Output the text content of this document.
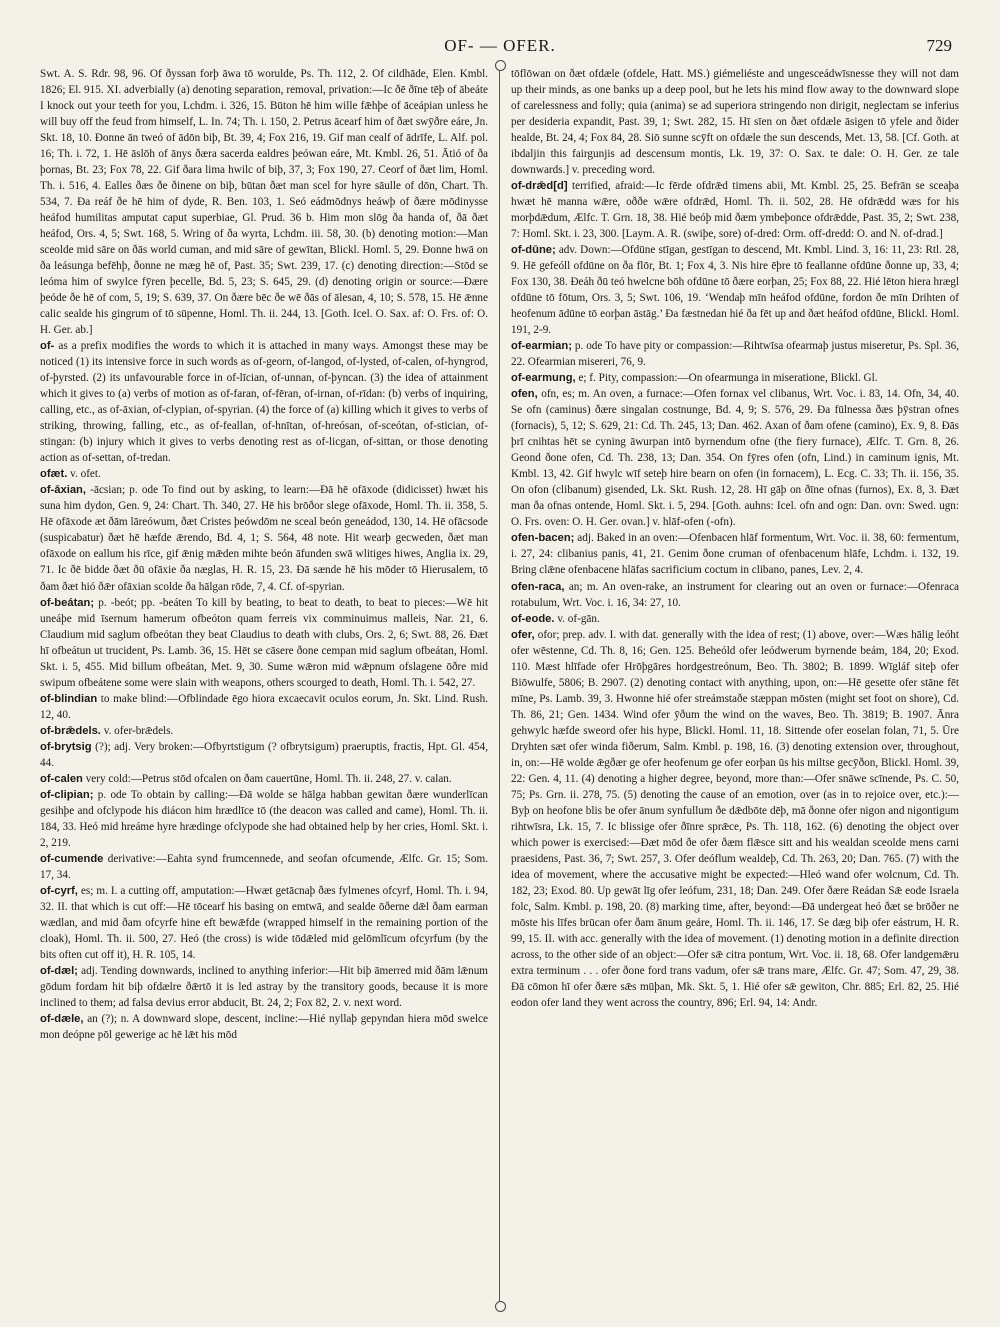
OF- — OFER.	729

Swt. A. S. Rdr. 98, 96. Of ðyssan forþ āwa tō worulde, Ps. Th. 112, 2. Of cildhāde, Elen. Kmbl. 1826; El. 915. XI. adverbially (a) denoting separation, removal, privation:—Ic ðē ðīne tēþ of ābeáte I knock out your teeth for you, Lchdm. i. 326, 15. Būton hē him wille fǣhþe of āceápian unless he will buy off the feud from himself, L. In. 74; Th. i. 150, 2. Petrus ācearf him of ðæt swȳðre eáre, Jn. Skt. 18, 10. Ðonne ān tweó of ādōn biþ, Bt. 39, 4; Fox 216, 19. Gif man cealf of ādrīfe, L. Alf. pol. 16; Th. i. 72, 1. Hē āslōh of ānys ðæra sacerda ealdres þeówan eáre, Mt. Kmbl. 26, 51. Ātió of ða þornas, Bt. 23; Fox 78, 22. Gif ðara lima hwilc of biþ, 37, 3; Fox 190, 27. Ceorf of ðæt lim, Homl. Th. i. 516, 4. Ealles ðæs ðe ðinene on biþ, būtan ðæt man scel for hyre sāulle of dōn, Chart. Th. 534, 7. Ða reáf ðe hē him of dyde, R. Ben. 103, 1. Seó eádmōdnys heáwþ of ðære mōdinysse heáfod humilitas amputat caput superbiae, Gl. Prud. 36 b. Him mon slōg ða handa of, ðā ðæt heáfod, Ors. 4, 5; Swt. 168, 5. Wring of ða wyrta, Lchdm. iii. 58, 30. (b) denoting motion:—Man sceolde mid sāre on ðās world cuman, and mid sāre of gewītan, Blickl. Homl. 5, 29. Ðonne hwā on ða leásunga befēhþ, ðonne ne mæg hē of, Past. 35; Swt. 239, 17. (c) denoting direction:—Stōd se leóma him of swylce fȳren þecelle, Bd. 5, 23; S. 645, 29. (d) denoting origin or source:—Ðære þeóde ðe hē of com, 5, 19; S. 639, 37. On ðære bēc ðe wē ðās of ālesan, 4, 10; S. 578, 15. Hē ǣnne calic sealde his gingrum of tō sūpenne, Homl. Th. ii. 244, 13. [Goth. Icel. O. Sax. af: O. Frs. of: O. H. Ger. ab.]

of- as a prefix modifies the words to which it is attached in many ways. Amongst these may be noticed (1) its intensive force in such words as of-georn, of-langod, of-lysted, of-calen, of-hyngrod, of-þyrsted. (2) its unfavourable force in of-līcian, of-unnan, of-þyncan. (3) the idea of attainment which it gives to (a) verbs of motion as of-faran, of-fēran, of-irnan, of-rīdan: (b) verbs of inquiring, calling, etc., as of-āxian, of-clypian, of-spyrian. (4) the force of (a) killing which it gives to verbs of striking, throwing, falling, etc., as of-feallan, of-hnītan, of-hreósan, of-sceótan, of-stician, of-stingan: (b) injury which it gives to verbs denoting rest as of-licgan, of-sittan, or those denoting action as of-settan, of-tredan.

ofæt. v. ofet.

of-āxian, -ācsian; p. ode To find out by asking, to learn:—Ðā hē ofāxode (didicisset) hwæt his suna him dydon, Gen. 9, 24: Chart. Th. 340, 27. Hē his brōðor slege ofāxode, Homl. Th. ii. 358, 5. Hē ofāxode æt ðām lāreówum, ðæt Cristes þeówdōm ne sceal beón geneádod, 130, 14. Hē ofācsode (suspicabatur) ðæt hē hæfde ǣrendo, Bd. 4, 1; S. 564, 48 note. Hit wearþ gecweden, ðæt man ofāxode on eallum his rīce, gif ǣnig mǣden mihte beón āfunden swā wlitiges hiwes, Anglia ix. 29, 71. Ic ðē bidde ðæt ðū ofāxie ða næglas, H. R. 15, 23. Ðā sænde hē his mōder tō Hierusalem, tō ðam ðæt hió ðǣr ofāxian scolde ða hālgan rōde, 7, 4. Cf. of-spyrian.

of-beátan; p. -beót; pp. -beáten To kill by beating, to beat to death, to beat to pieces:—Wē hit uneáþe mid īsernum hamerum ofbeóton quam ferreis vix comminuimus malleis, Nar. 21, 6. Claudium mid saglum ofbeótan they beat Claudius to death with clubs, Ors. 2, 6; Swt. 88, 26. Ðæt hī ofbeátun ut trucident, Ps. Lamb. 36, 15. Hēt se cāsere ðone cempan mid saglum ofbeátan, Homl. Skt. i. 5, 455. Mid billum ofbeátan, Met. 9, 30. Sume wǣron mid wǣpnum ofslagene ōðre mid swipum ofbeátene some were slain with weapons, others scourged to death, Homl. Th. i. 542, 27.

of-blindian to make blind:—Ofblindade ēgo hiora excaecavit oculos eorum, Jn. Skt. Lind. Rush. 12, 40.

of-brǣdels. v. ofer-brǣdels.

of-brytsig (?); adj. Very broken:—Ofbyrtstigum (? ofbrytsigum) praeruptis, fractis, Hpt. Gl. 454, 44.

of-calen very cold:—Petrus stōd ofcalen on ðam cauertūne, Homl. Th. ii. 248, 27. v. calan.

of-clipian; p. ode To obtain by calling:—Ðā wolde se hālga habban gewitan ðære wunderlīcan gesihþe and ofclypode his diácon him hrædlīce tō (the deacon was called and came), Homl. Th. ii. 184, 33. Heó mid hreáme hyre hrædinge ofclypode she had obtained help by her cries, Homl. Skt. i. 2, 219.

of-cumende derivative:—Eahta synd frumcennede, and seofan ofcumende, Ælfc. Gr. 15; Som. 17, 34.

of-cyrf, es; m. I. a cutting off, amputation:—Hwæt getācnaþ ðæs fylmenes ofcyrf, Homl. Th. i. 94, 32. II. that which is cut off:—Hē tōcearf his basing on emtwā, and sealde ōðerne dǣl ðam earman wædlan, and mid ðam ofcyrfe hine eft bewǣfde (wrapped himself in the remaining portion of the cloak), Homl. Th. ii. 500, 27. Heó (the cross) is wide tōdǣled mid gelōmlīcum ofcyrfum (by the bits often cut off it), H. R. 105, 14.

of-dæl; adj. Tending downwards, inclined to anything inferior:—Hit biþ āmerred mid ðām lǣnum gōdum fordam hit biþ ofdælre ðǣrtō it is led astray by the transitory goods, because it is more inclined to them; ad falsa devius error abducit, Bt. 24, 2; Fox 82, 2. v. next word.

of-dæle, an (?); n. A downward slope, descent, incline:—Hié nyllaþ gepyndan hiera mōd swelce mon deópne pōl gewerige ac hē lǣt his mōd

tōflōwan on ðæt ofdæle (ofdele, Hatt. MS.) giémeliéste and ungesceádwīsnesse they will not dam up their minds, as one banks up a deep pool, but he lets his mind flow away to the downward slope of carelessness and folly; quia (anima) se ad superiora stringendo non dirigit, neglectam se inferius per desideria expandit, Past. 39, 1; Swt. 282, 15. Hī sīen on ðæt ofdæle āsigen tō yfele and ðider healde, Bt. 24, 4; Fox 84, 28. Siō sunne scȳft on ofdæle the sun descends, Met. 13, 58. [Cf. Goth. at ibdaljin this fairgunjis ad descensum montis, Lk. 19, 37: O. Sax. te dale: O. H. Ger. ze tale downwards.] v. preceding word.

of-drǣd[d] terrified, afraid:—Ic fērde ofdrǣd timens abii, Mt. Kmbl. 25, 25. Befrān se sceaþa hwæt hē manna wǣre, oððe wǣre ofdrǣd, Homl. Th. ii. 502, 28. Hē ofdrǣdd wæs for his morþdǣdum, Ælfc. T. Grn. 18, 38. Hié beóþ mid ðæm ymbeþonce ofdrǣdde, Past. 35, 2; Swt. 238, 7: Homl. Skt. i. 23, 300. [Laym. A. R. (swiþe, sore) of-dred: Orm. off-dredd: O. and N. of-drad.]

of-dūne; adv. Down:—Ofdūne stīgan, gestīgan to descend, Mt. Kmbl. Lind. 3, 16: 11, 23: Rtl. 28, 9. Hē gefeóll ofdūne on ða flōr, Bt. 1; Fox 4, 3. Nis hire ēþre tō feallanne ofdūne ðonne up, 33, 4; Fox 130, 38. Ðeáh ðū teó hwelcne bōh ofdūne tō ðære eorþan, 25; Fox 88, 22. Hié lēton hiera hrægl ofdūne tō fōtum, Ors. 3, 5; Swt. 106, 19. ‘Wendaþ mīn heáfod ofdūne, fordon ðe mīn Drihten of heofenum ādūne tō eorþan āstāg.’ Ða fæstnedan hié ða fēt up and ðæt heáfod ofdūne, Blickl. Homl. 191, 2-9.

of-earmian; p. ode To have pity or compassion:—Rihtwīsa ofearmaþ justus miseretur, Ps. Spl. 36, 22. Ofearmian misereri, 76, 9.

of-earmung, e; f. Pity, compassion:—On ofearmunga in miseratione, Blickl. Gl.

ofen, ofn, es; m. An oven, a furnace:—Ofen fornax vel clibanus, Wrt. Voc. i. 83, 14. Ofn, 34, 40. Se ofn (caminus) ðære singalan costnunge, Bd. 4, 9; S. 576, 29. Ða fūlnessa ðæs þȳstran ofnes (fornacis), 5, 12; S. 629, 21: Cd. Th. 245, 13; Dan. 462. Axan of ðam ofene (camino), Ex. 9, 8. Ðās þrī cnihtas hēt se cyning āwurpan intō byrnendum ofne (the fiery furnace), Ælfc. T. Grn. 8, 26. Geond ðone ofen, Cd. Th. 238, 13; Dan. 354. On fȳres ofen (ofn, Lind.) in caminum ignis, Mt. Kmbl. 13, 42. Gif hwylc wīf seteþ hire bearn on ofen (in fornacem), L. Ecg. C. 33; Th. ii. 156, 35. On ofon (clibanum) gisended, Lk. Skt. Rush. 12, 28. Hī gāþ on ðīne ofnas (furnos), Ex. 8, 3. Ðæt man ða ofnas ontende, Homl. Skt. i. 5, 294. [Goth. auhns: Icel. ofn and ogn: Dan. ovn: Swed. ugn: O. Frs. oven: O. H. Ger. ovan.] v. hlāf-ofen (-ofn).

ofen-bacen; adj. Baked in an oven:—Ofenbacen hlāf formentum, Wrt. Voc. ii. 38, 60: fermentum, i. 27, 24: clibanius panis, 41, 21. Genim ðone cruman of ofenbacenum hlāfe, Lchdm. i. 132, 19. Bring clǣne ofenbacene hlāfas sacrificium coctum in clibano, panes, Lev. 2, 4.

ofen-raca, an; m. An oven-rake, an instrument for clearing out an oven or furnace:—Ofenraca rotabulum, Wrt. Voc. i. 16, 34: 27, 10.

of-eode. v. of-gān.

ofer, ofor; prep. adv. I. with dat. generally with the idea of rest; (1) above, over:—Wæs hālig leóht ofer wēstenne, Cd. Th. 8, 16; Gen. 125. Beheóld ofer leódwerum byrnende beám, 184, 20; Exod. 110. Mæst hlīfade ofer Hrōþgāres hordgestreónum, Beo. Th. 3802; B. 1899. Wīgláf siteþ ofer Biōwulfe, 5806; B. 2907. (2) denoting contact with anything, upon, on:—Hē gesette ofer stāne fēt mīne, Ps. Lamb. 39, 3. Hwonne hié ofer streámstaðe stæppan mōsten (might set foot on shore), Cd. Th. 86, 21; Gen. 1434. Wind ofer ȳðum the wind on the waves, Beo. Th. 3819; B. 1907. Ānra gehwylc hæfde sweord ofer his hype, Blickl. Homl. 11, 18. Sittende ofer eoselan folan, 71, 5. Ūre Dryhten sæt ofer winda fiðerum, Salm. Kmbl. p. 198, 16. (3) denoting extension over, throughout, in, on:—Hē wolde ǣgðær ge ofer heofenum ge ofer eorþan ūs his miltse gecȳðon, Blickl. Homl. 39, 22: Gen. 4, 11. (4) denoting a higher degree, beyond, more than:—Ofer snāwe scīnende, Ps. C. 50, 75; Ps. Grn. ii. 278, 75. (5) denoting the cause of an emotion, over (as in to rejoice over, etc.):—Byþ on heofone blis be ofer ānum synfullum ðe dǣdbōte dēþ, mā ðonne ofer nigon and nigontigum rihtwīsra, Lk. 15, 7. Ic blissige ofer ðīnre sprǣce, Ps. Th. 118, 162. (6) denoting the object over which power is exercised:—Ðæt mōd ðe ofer ðæm flǣsce sitt and his wealdan sceolde mens carni praesidens, Past. 36, 7; Swt. 257, 3. Ofer deóflum wealdeþ, Cd. Th. 263, 20; Dan. 765. (7) with the idea of movement, where the accusative might be expected:—Hleó wand ofer wolcnum, Cd. Th. 182, 23; Exod. 80. Up gewāt līg ofer leófum, 231, 18; Dan. 249. Ofer ðære Reádan Sǣ eode Israela folc, Salm. Kmbl. p. 198, 20. (8) marking time, after, beyond:—Ðā undergeat heó ðæt se brōðer ne mōste his līfes brūcan ofer ðam ānum geáre, Homl. Th. ii. 146, 17. Se dæg biþ ofer eástrum, H. R. 99, 15. II. with acc. generally with the idea of movement. (1) denoting motion in a definite direction across, to the other side of an object:—Ofer sǣ citra pontum, Wrt. Voc. ii. 18, 68. Ofer landgemǣru extra terminum . . . ofer ðone ford trans vadum, ofer sǣ trans mare, Ælfc. Gr. 47; Som. 47, 29, 38. Ðā cōmon hī ofer ðære sǣs mūþan, Mk. Skt. 5, 1. Hié ofer sǣ gewiton, Chr. 885; Erl. 82, 25. Hié eodon ofer land they went across the country, 896; Erl. 94, 14: Andr.
